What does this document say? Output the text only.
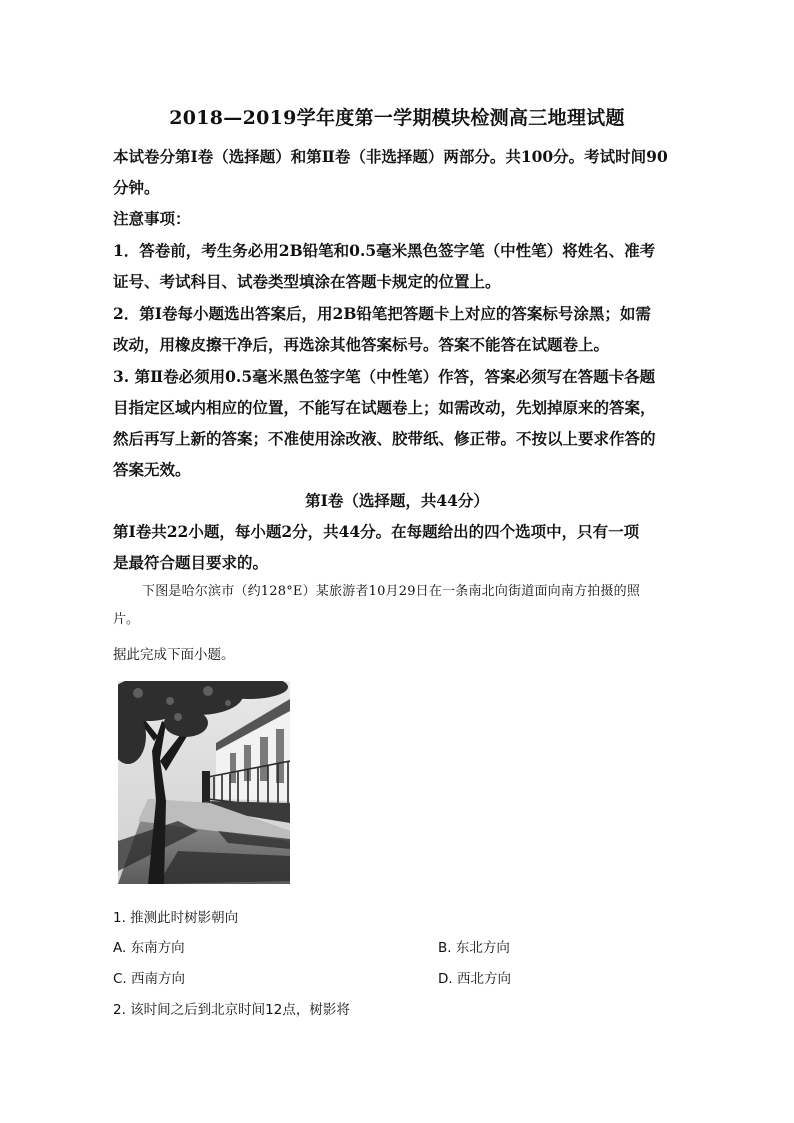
2018—2019学年度第一学期模块检测高三地理试题
本试卷分第Ⅰ卷（选择题）和第Ⅱ卷（非选择题）两部分。共100分。考试时间90
分钟。
注意事项：
1．答卷前，考生务必用2B铅笔和0.5毫米黑色签字笔（中性笔）将姓名、准考
证号、考试科目、试卷类型填涂在答题卡规定的位置上。
2．第Ⅰ卷每小题选出答案后，用2B铅笔把答题卡上对应的答案标号涂黑；如需
改动，用橡皮擦干净后，再选涂其他答案标号。答案不能答在试题卷上。
3. 第Ⅱ卷必须用0.5毫米黑色签字笔（中性笔）作答，答案必须写在答题卡各题
目指定区域内相应的位置，不能写在试题卷上；如需改动，先划掉原来的答案，
然后再写上新的答案；不准使用涂改液、胶带纸、修正带。不按以上要求作答的
答案无效。
第Ⅰ卷（选择题，共44分）
第Ⅰ卷共22小题，每小题2分，共44分。在每题给出的四个选项中，只有一项
是最符合题目要求的。
下图是哈尔滨市（约128°E）某旅游者10月29日在一条南北向街道面向南方拍摄的照
片。
据此完成下面小题。
1. 推测此时树影朝向
A. 东南方向	B. 东北方向
C. 西南方向	D. 西北方向
2. 该时间之后到北京时间12点，树影将
